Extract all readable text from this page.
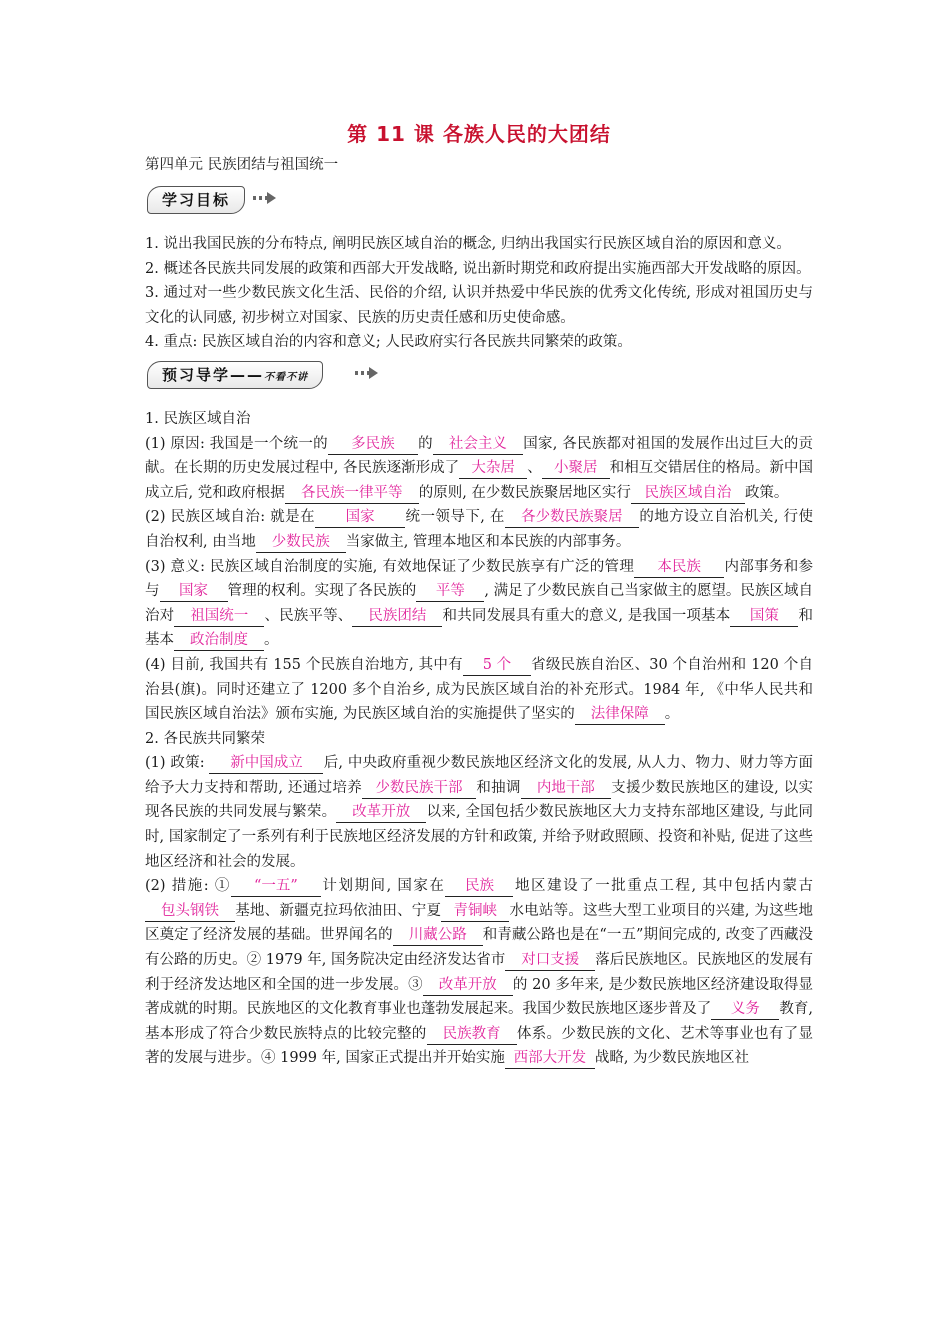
第 11 课 各族人民的大团结
第四单元 民族团结与祖国统一
学习目标

1. 说出我国民族的分布特点, 阐明民族区域自治的概念, 归纳出我国实行民族区域自治的原因和意义。

2. 概述各民族共同发展的政策和西部大开发战略, 说出新时期党和政府提出实施西部大开发战略的原因。

3. 通过对一些少数民族文化生活、民俗的介绍, 认识并热爱中华民族的优秀文化传统, 形成对祖国历史与文化的认同感, 初步树立对国家、民族的历史责任感和历史使命感。

4. 重点: 民族区域自治的内容和意义; 人民政府实行各民族共同繁荣的政策。

预习导学——不看不讲

1. 民族区域自治

(1) 原因: 我国是一个统一的 多民族 的 社会主义 国家, 各民族都对祖国的发展作出过巨大的贡献。在长期的历史发展过程中, 各民族逐渐形成了 大杂居 、 小聚居 和相互交错居住的格局。新中国成立后, 党和政府根据 各民族一律平等 的原则, 在少数民族聚居地区实行 民族区域自治 政策。

(2) 民族区域自治: 就是在 国家 统一领导下, 在 各少数民族聚居 的地方设立自治机关, 行使自治权利, 由当地 少数民族 当家做主, 管理本地区和本民族的内部事务。

(3) 意义: 民族区域自治制度的实施, 有效地保证了少数民族享有广泛的管理 本民族 内部事务和参与 国家 管理的权利。实现了各民族的 平等 , 满足了少数民族自己当家做主的愿望。民族区域自治对 祖国统一 、民族平等、 民族团结 和共同发展具有重大的意义, 是我国一项基本 国策 和基本 政治制度 。

(4) 目前, 我国共有 155 个民族自治地方, 其中有 5 个 省级民族自治区、30 个自治州和 120 个自治县(旗)。同时还建立了 1200 多个自治乡, 成为民族区域自治的补充形式。1984 年, 《中华人民共和国民族区域自治法》颁布实施, 为民族区域自治的实施提供了坚实的 法律保障 。

2. 各民族共同繁荣

(1) 政策: 新中国成立 后, 中央政府重视少数民族地区经济文化的发展, 从人力、物力、财力等方面给予大力支持和帮助, 还通过培养 少数民族干部 和抽调 内地干部 支援少数民族地区的建设, 以实现各民族的共同发展与繁荣。 改革开放 以来, 全国包括少数民族地区大力支持东部地区建设, 与此同时, 国家制定了一系列有利于民族地区经济发展的方针和政策, 并给予财政照顾、投资和补贴, 促进了这些地区经济和社会的发展。

(2) 措施: ① “一五” 计划期间, 国家在 民族 地区建设了一批重点工程, 其中包括内蒙古包头钢铁 基地、新疆克拉玛依油田、宁夏 青铜峡 水电站等。这些大型工业项目的兴建, 为这些地区奠定了经济发展的基础。世界闻名的 川藏公路 和青藏公路也是在“一五”期间完成的, 改变了西藏没有公路的历史。② 1979 年, 国务院决定由经济发达省市 对口支援 落后民族地区。民族地区的发展有利于经济发达地区和全国的进一步发展。③ 改革开放 的 20 多年来, 是少数民族地区经济建设取得显著成就的时期。民族地区的文化教育事业也蓬勃发展起来。我国少数民族地区逐步普及了 义务 教育, 基本形成了符合少数民族特点的比较完整的 民族教育 体系。少数民族的文化、艺术等事业也有了显著的发展与进步。④ 1999 年, 国家正式提出并开始实施 西部大开发 战略, 为少数民族地区社
